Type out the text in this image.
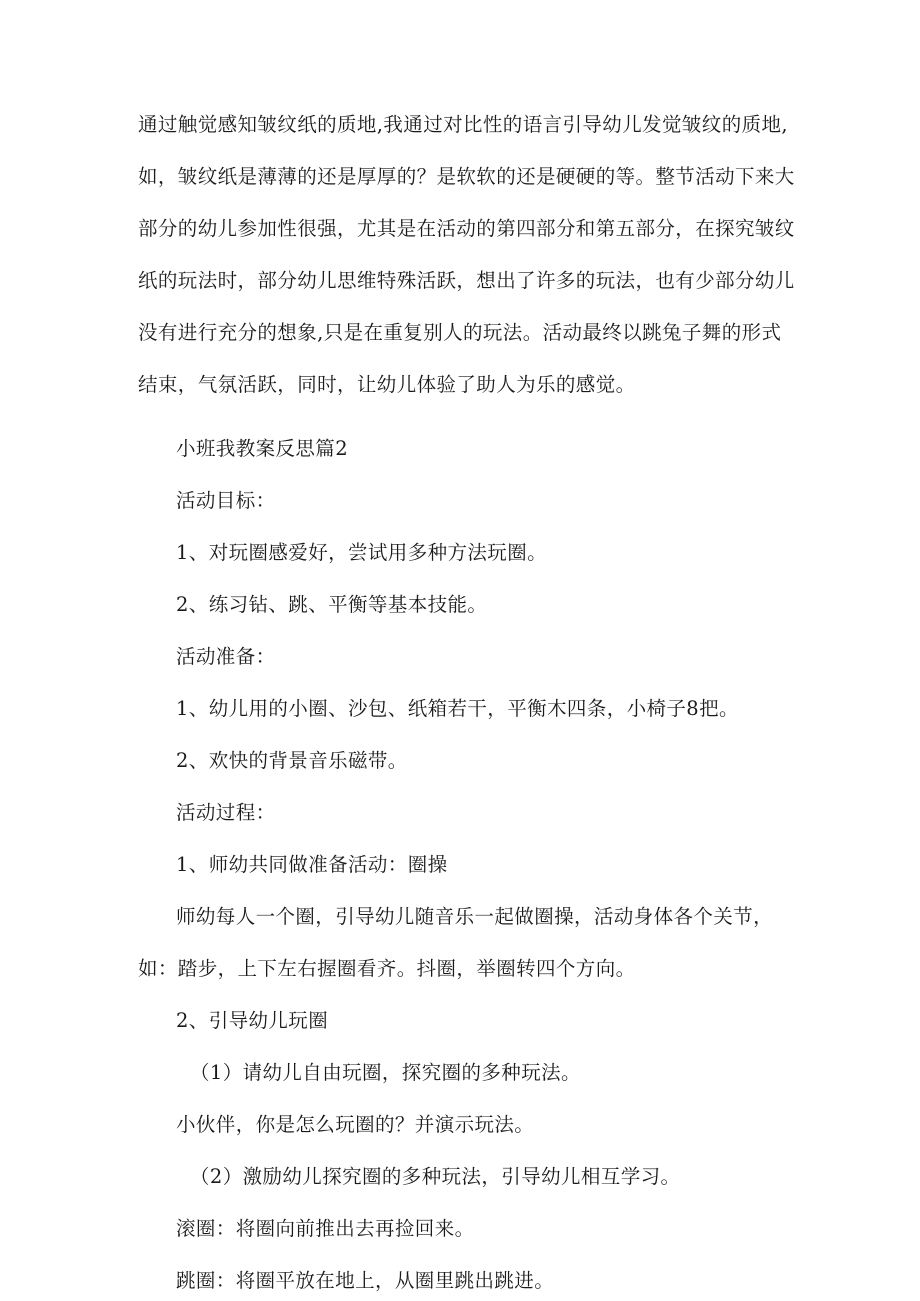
通过触觉感知皱纹纸的质地,我通过对比性的语言引导幼儿发觉皱纹的质地,
如，皱纹纸是薄薄的还是厚厚的？是软软的还是硬硬的等。整节活动下来大
部分的幼儿参加性很强，尤其是在活动的第四部分和第五部分，在探究皱纹
纸的玩法时，部分幼儿思维特殊活跃，想出了许多的玩法，也有少部分幼儿
没有进行充分的想象,只是在重复别人的玩法。活动最终以跳兔子舞的形式
结束，气氛活跃，同时，让幼儿体验了助人为乐的感觉。
小班我教案反思篇2
活动目标：
1、对玩圈感爱好，尝试用多种方法玩圈。
2、练习钻、跳、平衡等基本技能。
活动准备：
1、幼儿用的小圈、沙包、纸箱若干，平衡木四条，小椅子8把。
2、欢快的背景音乐磁带。
活动过程：
1、师幼共同做准备活动：圈操
师幼每人一个圈，引导幼儿随音乐一起做圈操，活动身体各个关节，
如：踏步，上下左右握圈看齐。抖圈，举圈转四个方向。
2、引导幼儿玩圈
（1）请幼儿自由玩圈，探究圈的多种玩法。
小伙伴，你是怎么玩圈的？并演示玩法。
（2）激励幼儿探究圈的多种玩法，引导幼儿相互学习。
滚圈：将圈向前推出去再捡回来。
跳圈：将圈平放在地上，从圈里跳出跳进。
